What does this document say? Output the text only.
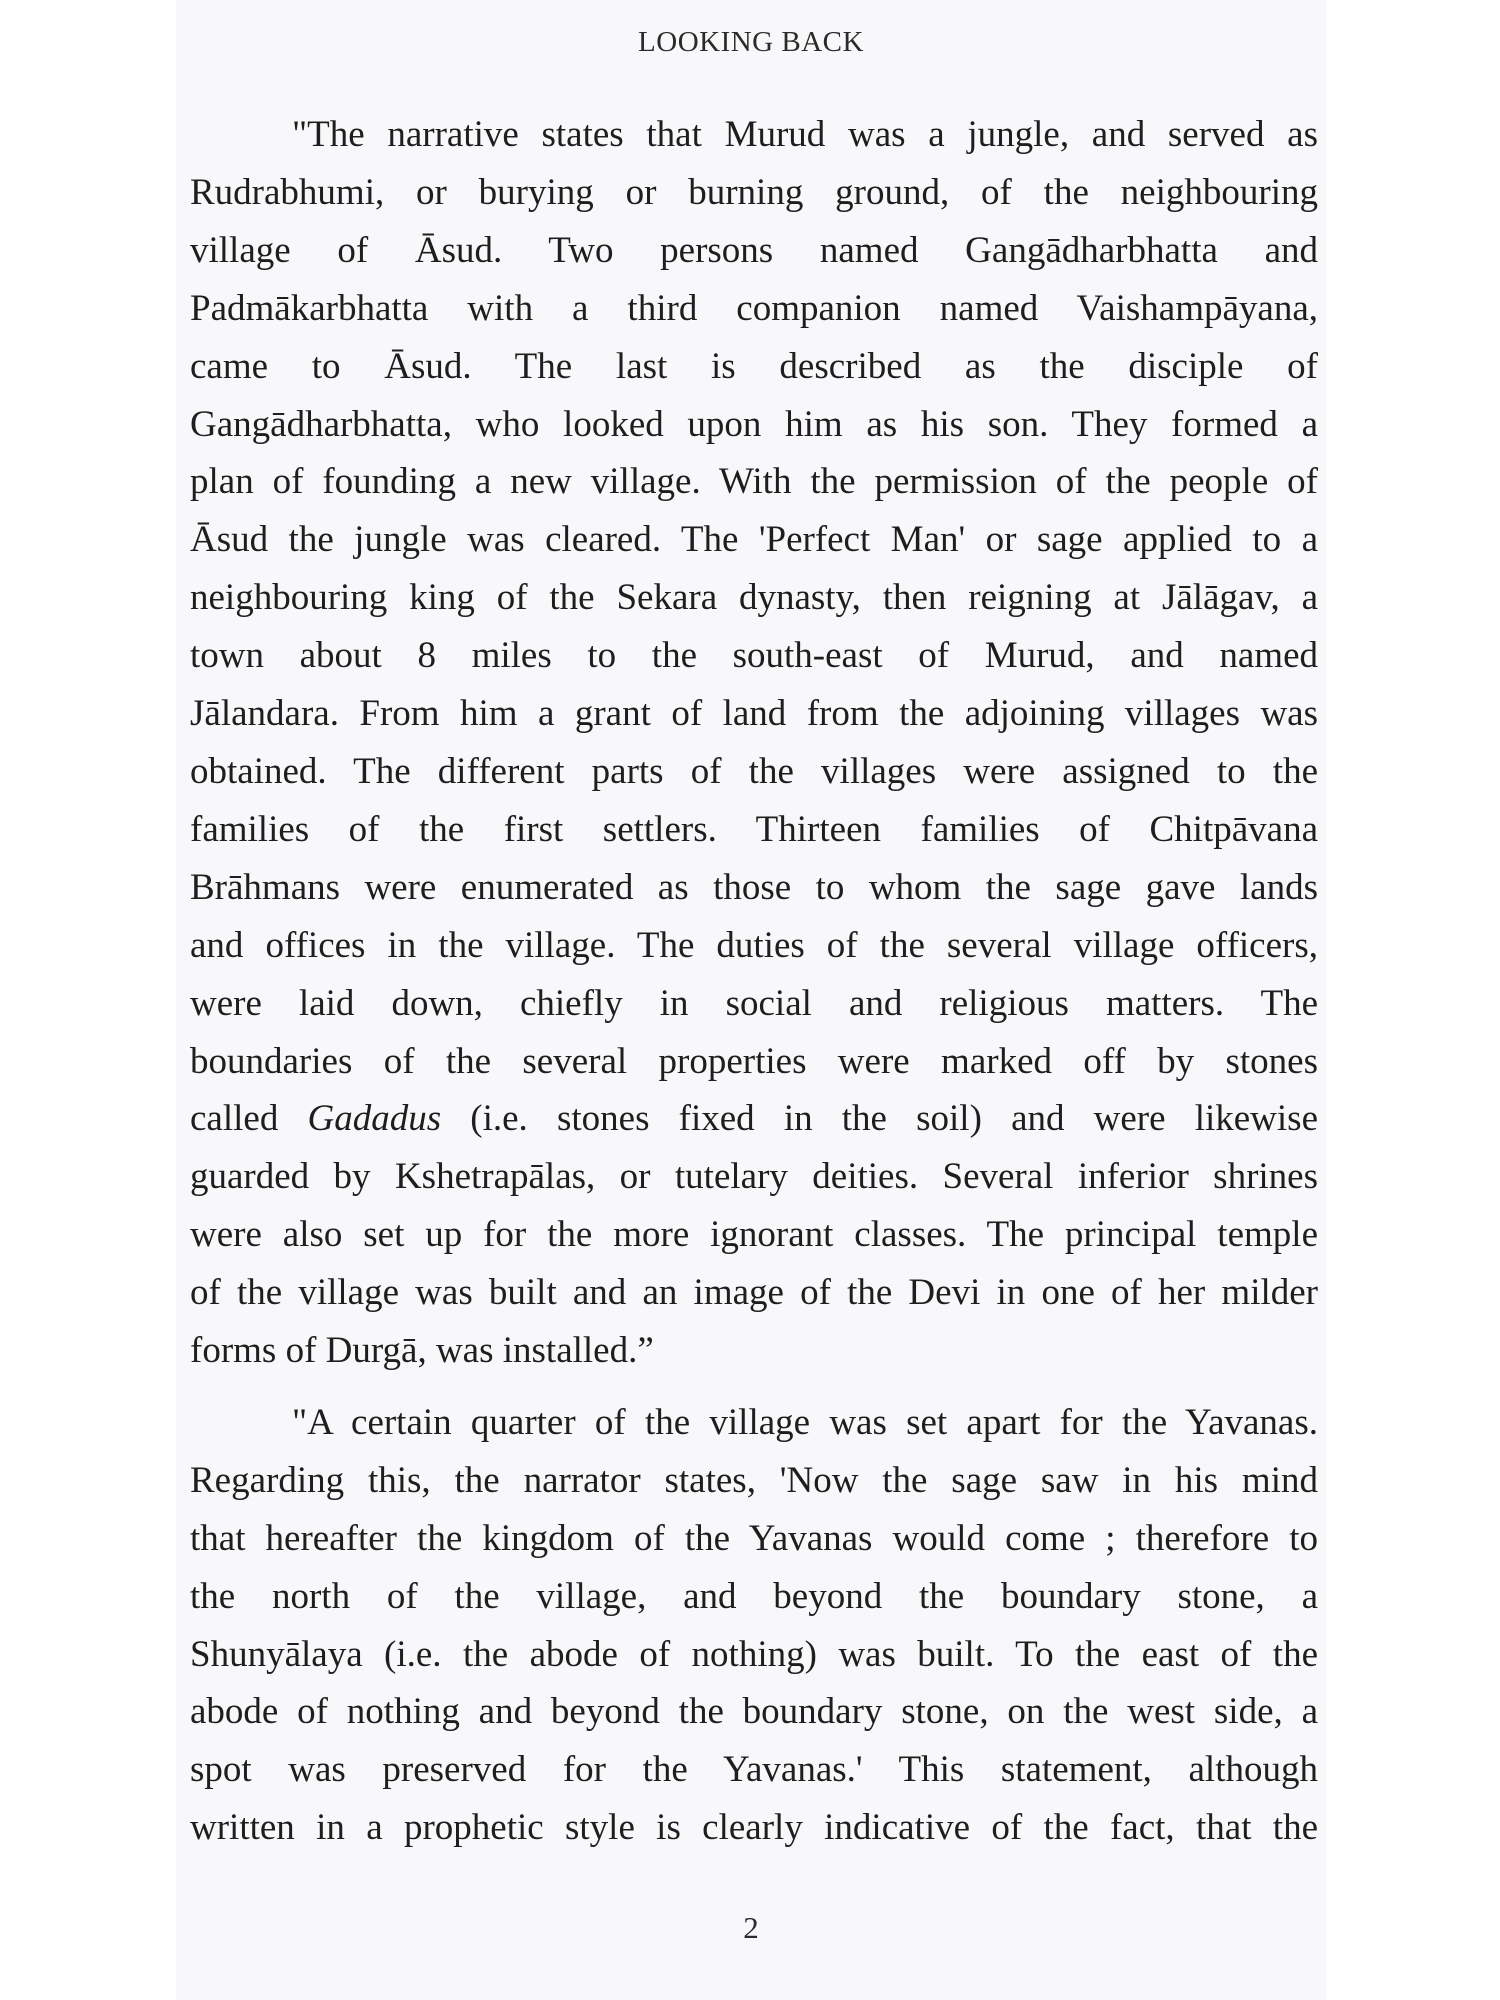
LOOKING BACK

"The narrative states that Murud was a jungle, and served as
Rudrabhumi, or burying or burning ground, of the neighbouring
village of Āsud. Two persons named Gangādharbhatta and
Padmākarbhatta with a third companion named Vaishampāyana,
came to Āsud. The last is described as the disciple of
Gangādharbhatta, who looked upon him as his son. They formed a
plan of founding a new village. With the permission of the people of
Āsud the jungle was cleared. The 'Perfect Man' or sage applied to a
neighbouring king of the Sekara dynasty, then reigning at Jālāgav, a
town about 8 miles to the south-east of Murud, and named
Jālandara. From him a grant of land from the adjoining villages was
obtained. The different parts of the villages were assigned to the
families of the first settlers. Thirteen families of Chitpāvana
Brāhmans were enumerated as those to whom the sage gave lands
and offices in the village. The duties of the several village officers,
were laid down, chiefly in social and religious matters. The
boundaries of the several properties were marked off by stones
called Gadadus (i.e. stones fixed in the soil) and were likewise
guarded by Kshetrapālas, or tutelary deities. Several inferior shrines
were also set up for the more ignorant classes. The principal temple
of the village was built and an image of the Devi in one of her milder
forms of Durgā, was installed.”

"A certain quarter of the village was set apart for the Yavanas.
Regarding this, the narrator states, 'Now the sage saw in his mind
that hereafter the kingdom of the Yavanas would come ; therefore to
the north of the village, and beyond the boundary stone, a
Shunyālaya (i.e. the abode of nothing) was built. To the east of the
abode of nothing and beyond the boundary stone, on the west side, a
spot was preserved for the Yavanas.' This statement, although
written in a prophetic style is clearly indicative of the fact, that the

2
